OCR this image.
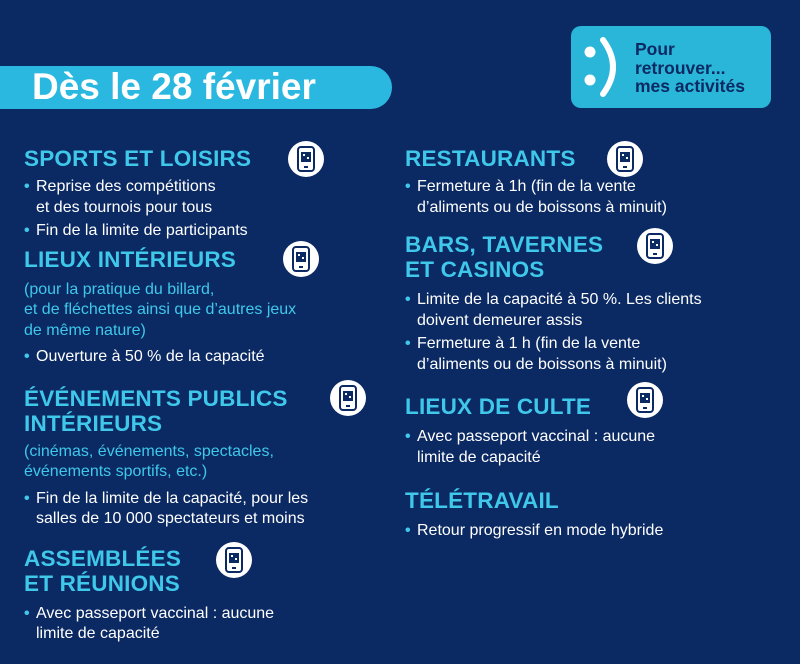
Dès le 28 février
Pour
retrouver...
mes activités
SPORTS ET LOISIRS
• Reprise des compétitions
et des tournois pour tous
• Fin de la limite de participants
LIEUX INTÉRIEURS
(pour la pratique du billard,
et de fléchettes ainsi que d’autres jeux
de même nature)
• Ouverture à 50 % de la capacité
ÉVÉNEMENTS PUBLICS
INTÉRIEURS
(cinémas, événements, spectacles,
événements sportifs, etc.)
• Fin de la limite de la capacité, pour les
salles de 10 000 spectateurs et moins
ASSEMBLÉES
ET RÉUNIONS
• Avec passeport vaccinal : aucune
limite de capacité
RESTAURANTS
• Fermeture à 1h (fin de la vente
d’aliments ou de boissons à minuit)
BARS, TAVERNES
ET CASINOS
• Limite de la capacité à 50 %. Les clients
doivent demeurer assis
• Fermeture à 1 h (fin de la vente
d’aliments ou de boissons à minuit)
LIEUX DE CULTE
• Avec passeport vaccinal : aucune
limite de capacité
TÉLÉTRAVAIL
• Retour progressif en mode hybride
